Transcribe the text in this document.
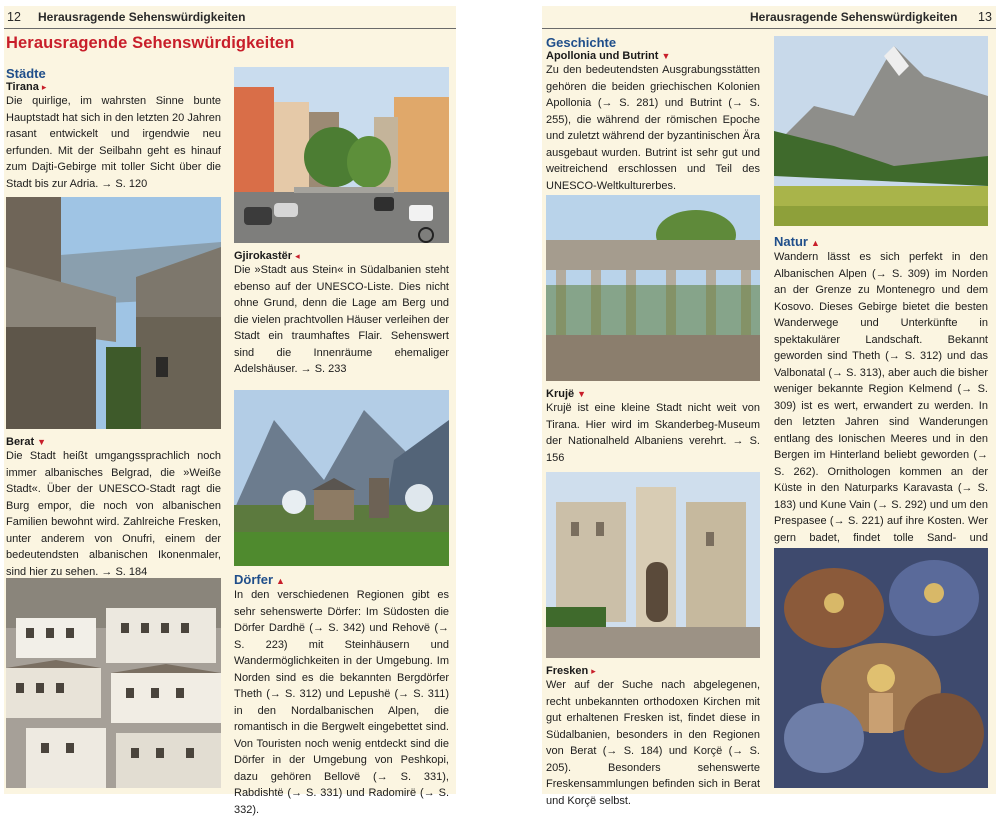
12 Herausragende Sehenswürdigkeiten
Herausragende Sehenswürdigkeiten
Städte
Tirana ▸
Die quirlige, im wahrsten Sinne bunte Hauptstadt hat sich in den letzten 20 Jahren rasant entwickelt und irgendwie neu erfunden. Mit der Seilbahn geht es hinauf zum Dajti-Gebirge mit toller Sicht über die Stadt bis zur Adria. → S. 120
Berat ▼
Die Stadt heißt umgangssprachlich noch immer albanisches Belgrad, die »Weiße Stadt«. Über der UNESCO-Stadt ragt die Burg empor, die noch von albanischen Familien bewohnt wird. Zahlreiche Fresken, unter anderem von Onufri, einem der bedeutendsten albanischen Ikonenmaler, sind hier zu sehen. → S. 184
Gjirokastër ◂
Die »Stadt aus Stein« in Südalbanien steht ebenso auf der UNESCO-Liste. Dies nicht ohne Grund, denn die Lage am Berg und die vielen prachtvollen Häuser verleihen der Stadt ein traumhaftes Flair. Sehenswert sind die Innenräume ehemaliger Adelshäuser. → S. 233
Dörfer ▲
In den verschiedenen Regionen gibt es sehr sehenswerte Dörfer: Im Südosten die Dörfer Dardhë (→ S. 342) und Rehovë (→ S. 223) mit Steinhäusern und Wandermöglichkeiten in der Umgebung. Im Norden sind es die bekannten Bergdörfer Theth (→ S. 312) und Lepushë (→ S. 311) in den Nordalbanischen Alpen, die romantisch in die Bergwelt eingebettet sind. Von Touristen noch wenig entdeckt sind die Dörfer in der Umgebung von Peshkopi, dazu gehören Bellovë (→ S. 331), Rabdishtë (→ S. 331) und Radomirë (→ S. 332).
Herausragende Sehenswürdigkeiten 13
Geschichte
Apollonia und Butrint ▼
Zu den bedeutendsten Ausgrabungsstätten gehören die beiden griechischen Kolonien Apollonia (→ S. 281) und Butrint (→ S. 255), die während der römischen Epoche und zuletzt während der byzantinischen Ära ausgebaut wurden. Butrint ist sehr gut und weitreichend erschlossen und Teil des UNESCO-Weltkulturerbes.
Krujë ▼
Krujë ist eine kleine Stadt nicht weit von Tirana. Hier wird im Skanderbeg-Museum der Nationalheld Albaniens verehrt. → S. 156
Fresken ▸
Wer auf der Suche nach abgelegenen, recht unbekannten orthodoxen Kirchen mit gut erhaltenen Fresken ist, findet diese in Südalbanien, besonders in den Regionen von Berat (→ S. 184) und Korçë (→ S. 205). Besonders sehenswerte Freskensammlungen befinden sich in Berat und Korçë selbst.
Natur ▲
Wandern lässt es sich perfekt in den Albanischen Alpen (→ S. 309) im Norden an der Grenze zu Montenegro und dem Kosovo. Dieses Gebirge bietet die besten Wanderwege und Unterkünfte in spektakulärer Landschaft. Bekannt geworden sind Theth (→ S. 312) und das Valbonatal (→ S. 313), aber auch die bisher weniger bekannte Region Kelmend (→ S. 309) ist es wert, erwandert zu werden. In den letzten Jahren sind Wanderungen entlang des Ionischen Meeres und in den Bergen im Hinterland beliebt geworden (→ S. 262). Ornithologen kommen an der Küste in den Naturparks Karavasta (→ S. 183) und Kune Vain (→ S. 292) und um den Prespasee (→ S. 221) auf ihre Kosten. Wer gern badet, findet tolle Sand- und
